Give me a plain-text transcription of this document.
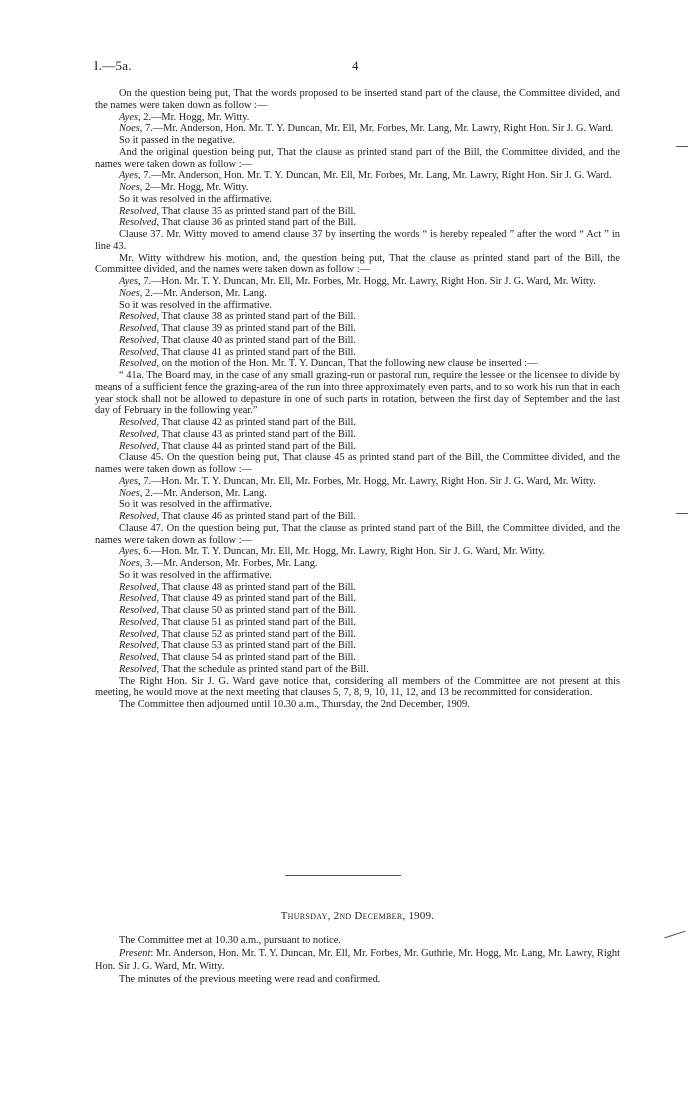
I.—5a.	4

On the question being put, That the words proposed to be inserted stand part of the clause, the Committee divided, and the names were taken down as follow :—

Ayes, 2.—Mr. Hogg, Mr. Witty.

Noes, 7.—Mr. Anderson, Hon. Mr. T. Y. Duncan, Mr. Ell, Mr. Forbes, Mr. Lang, Mr. Lawry, Right Hon. Sir J. G. Ward.

So it passed in the negative.

And the original question being put, That the clause as printed stand part of the Bill, the Committee divided, and the names were taken down as follow :—

Ayes, 7.—Mr. Anderson, Hon. Mr. T. Y. Duncan, Mr. Ell, Mr. Forbes, Mr. Lang, Mr. Lawry, Right Hon. Sir J. G. Ward.

Noes, 2—Mr. Hogg, Mr. Witty.

So it was resolved in the affirmative.

Resolved, That clause 35 as printed stand part of the Bill.

Resolved, That clause 36 as printed stand part of the Bill.

Clause 37. Mr. Witty moved to amend clause 37 by inserting the words “ is hereby repealed ” after the word “ Act ” in line 43.

Mr. Witty withdrew his motion, and, the question being put, That the clause as printed stand part of the Bill, the Committee divided, and the names were taken down as follow :—

Ayes, 7.—Hon. Mr. T. Y. Duncan, Mr. Ell, Mr. Forbes, Mr. Hogg, Mr. Lawry, Right Hon. Sir J. G. Ward, Mr. Witty.

Noes, 2.—Mr. Anderson, Mr. Lang.

So it was resolved in the affirmative.

Resolved, That clause 38 as printed stand part of the Bill.

Resolved, That clause 39 as printed stand part of the Bill.

Resolved, That clause 40 as printed stand part of the Bill.

Resolved, That clause 41 as printed stand part of the Bill.

Resolved, on the motion of the Hon. Mr. T. Y. Duncan, That the following new clause be inserted :—

“ 41a. The Board may, in the case of any small grazing-run or pastoral run, require the lessee or the licensee to divide by means of a sufficient fence the grazing-area of the run into three approximately even parts, and to so work his run that in each year stock shall not be allowed to depasture in one of such parts in rotation, between the first day of September and the last day of February in the following year.”

Resolved, That clause 42 as printed stand part of the Bill.

Resolved, That clause 43 as printed stand part of the Bill.

Resolved, That clause 44 as printed stand part of the Bill.

Clause 45. On the question being put, That clause 45 as printed stand part of the Bill, the Committee divided, and the names were taken down as follow :—

Ayes, 7.—Hon. Mr. T. Y. Duncan, Mr. Ell, Mr. Forbes, Mr. Hogg, Mr. Lawry, Right Hon. Sir J. G. Ward, Mr. Witty.

Noes, 2.—Mr. Anderson, Mr. Lang.

So it was resolved in the affirmative.

Resolved, That clause 46 as printed stand part of the Bill.

Clause 47. On the question being put, That the clause as printed stand part of the Bill, the Committee divided, and the names were taken down as follow :—

Ayes, 6.—Hon. Mr. T. Y. Duncan, Mr. Ell, Mr. Hogg, Mr. Lawry, Right Hon. Sir J. G. Ward, Mr. Witty.

Noes, 3.—Mr. Anderson, Mr. Forbes, Mr. Lang.

So it was resolved in the affirmative.

Resolved, That clause 48 as printed stand part of the Bill.

Resolved, That clause 49 as printed stand part of the Bill.

Resolved, That clause 50 as printed stand part of the Bill.

Resolved, That clause 51 as printed stand part of the Bill.

Resolved, That clause 52 as printed stand part of the Bill.

Resolved, That clause 53 as printed stand part of the Bill.

Resolved, That clause 54 as printed stand part of the Bill.

Resolved, That the schedule as printed stand part of the Bill.

The Right Hon. Sir J. G. Ward gave notice that, considering all members of the Committee are not present at this meeting, he would move at the next meeting that clauses 5, 7, 8, 9, 10, 11, 12, and 13 be recommitted for consideration.

The Committee then adjourned until 10.30 a.m., Thursday, the 2nd December, 1909.

Thursday, 2nd December, 1909.

The Committee met at 10.30 a.m., pursuant to notice.

Present: Mr. Anderson, Hon. Mr. T. Y. Duncan, Mr. Ell, Mr. Forbes, Mr. Guthrie, Mr. Hogg, Mr. Lang, Mr. Lawry, Right Hon. Sir J. G. Ward, Mr. Witty.

The minutes of the previous meeting were read and confirmed.
